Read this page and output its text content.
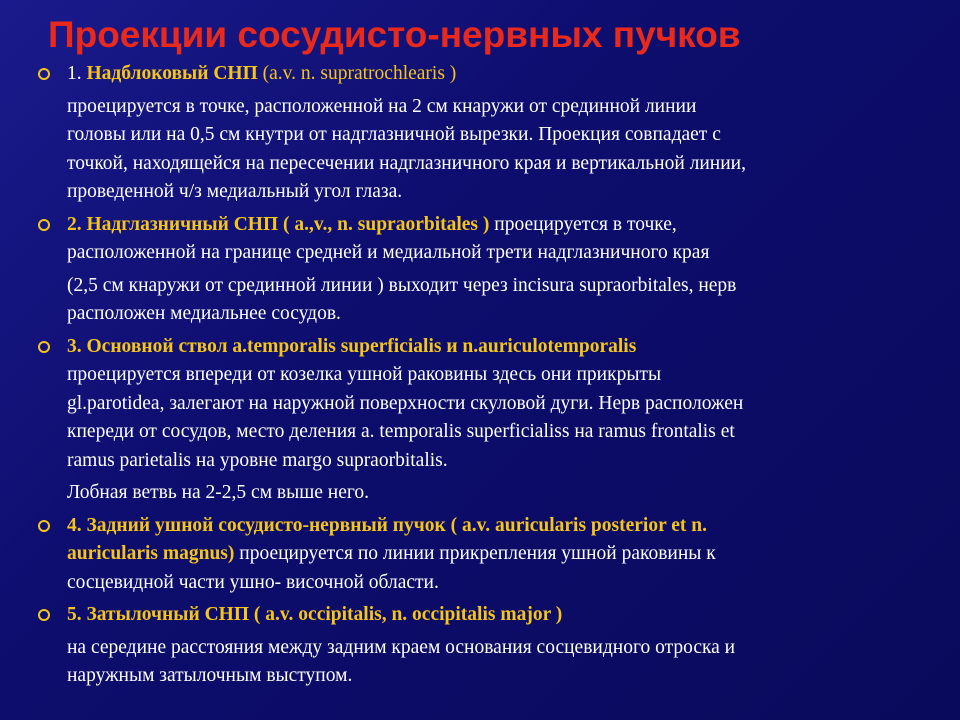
Проекции сосудисто-нервных пучков
1. Надблоковый СНП (a.v. n. supratrochlearis )
проецируется в точке, расположенной на 2 см кнаружи от срединной линии
головы или на 0,5 см кнутри от надглазничной вырезки. Проекция совпадает с
точкой, находящейся на пересечении надглазничного края и вертикальной линии,
проведенной ч/з медиальный угол глаза.
2. Надглазничный СНП ( a.,v., n. supraorbitales ) проецируется в точке,
расположенной на границе средней и медиальной трети надглазничного края
(2,5 см кнаружи от срединной линии ) выходит через incisura supraorbitales, нерв
расположен медиальнее сосудов.
3. Основной ствол a.temporalis superficialis и n.auriculotemporalis
проецируется впереди от козелка ушной раковины здесь они прикрыты
gl.parotidea, залегают на наружной поверхности скуловой дуги. Нерв расположен
кпереди от сосудов, место деления a. temporalis superficialiss на ramus frontalis et
ramus parietalis на уровне margo supraorbitalis.
Лобная ветвь на 2-2,5 см выше него.
4. Задний ушной сосудисто-нервный пучок ( a.v. auricularis posterior et n.
auricularis magnus) проецируется по линии прикрепления ушной раковины к
сосцевидной части ушно- височной области.
5. Затылочный СНП ( a.v. occipitalis, n. occipitalis major )
на середине расстояния между задним краем основания сосцевидного отроска и
наружным затылочным выступом.
